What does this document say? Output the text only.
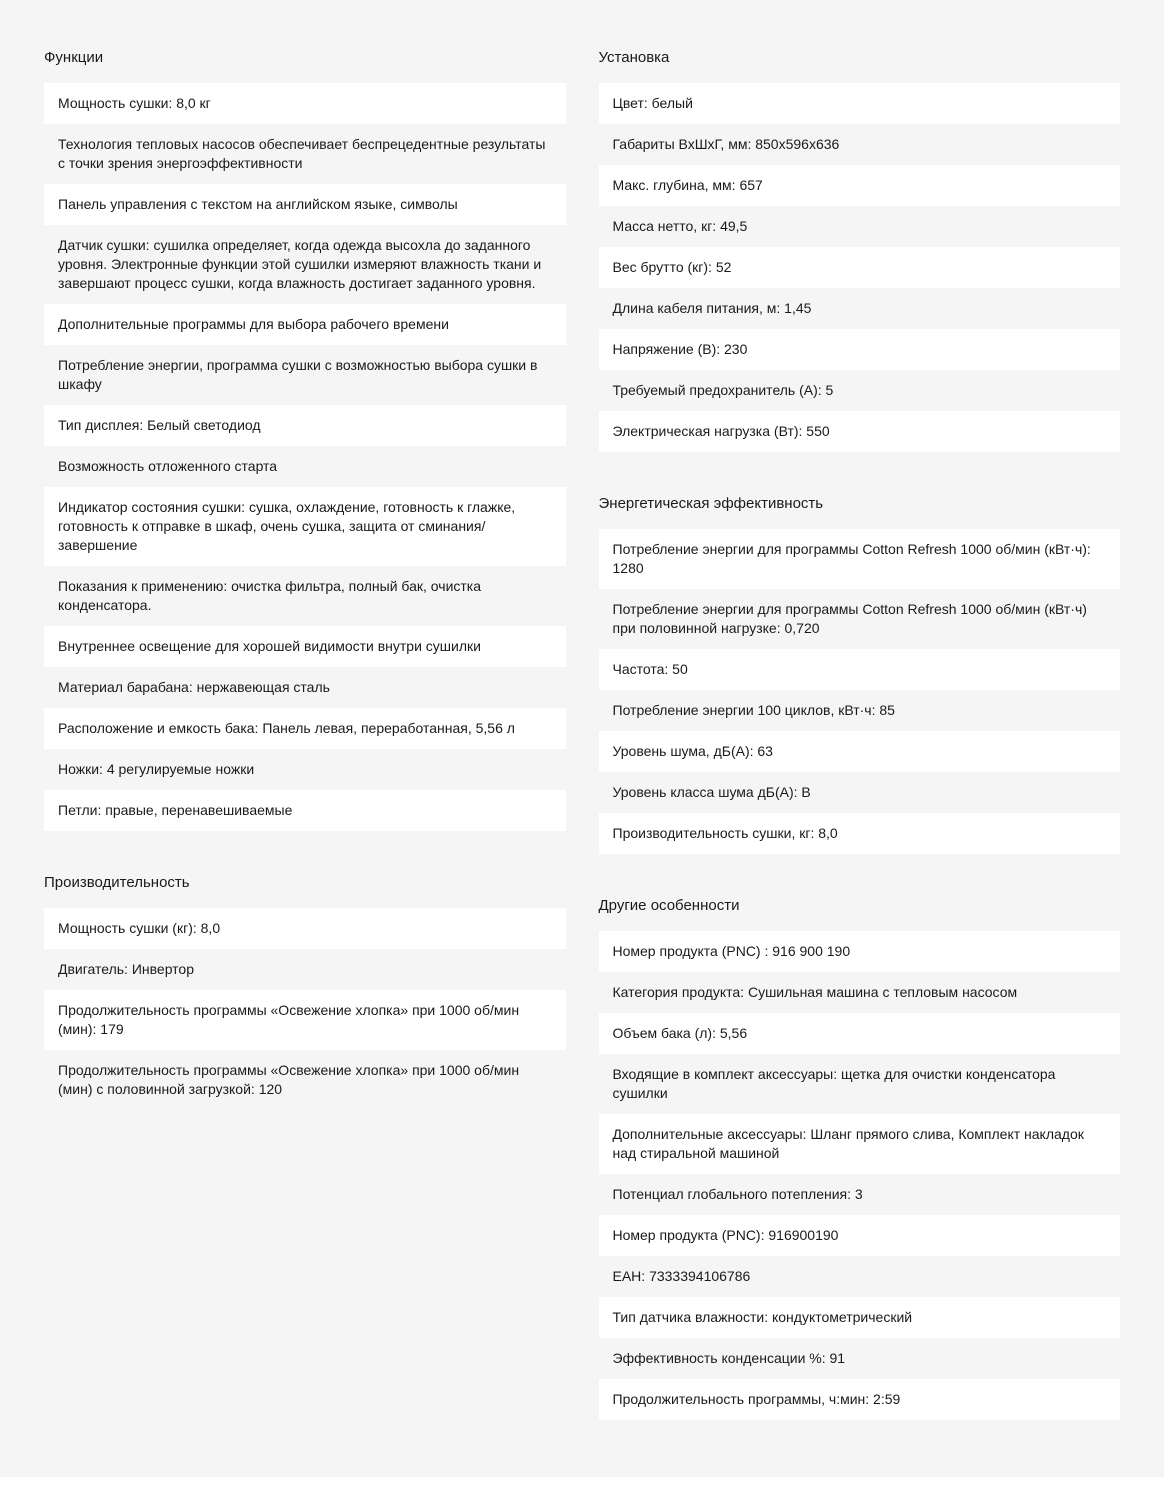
Функции
Мощность сушки: 8,0 кг
Технология тепловых насосов обеспечивает беспрецедентные результаты с точки зрения энергоэффективности
Панель управления с текстом на английском языке, символы
Датчик сушки: сушилка определяет, когда одежда высохла до заданного уровня. Электронные функции этой сушилки измеряют влажность ткани и завершают процесс сушки, когда влажность достигает заданного уровня.
Дополнительные программы для выбора рабочего времени
Потребление энергии, программа сушки с возможностью выбора сушки в шкафу
Тип дисплея: Белый светодиод
Возможность отложенного старта
Индикатор состояния сушки: сушка, охлаждение, готовность к глажке, готовность к отправке в шкаф, очень сушка, защита от сминания/завершение
Показания к применению: очистка фильтра, полный бак, очистка конденсатора.
Внутреннее освещение для хорошей видимости внутри сушилки
Материал барабана: нержавеющая сталь
Расположение и емкость бака: Панель левая, переработанная, 5,56 л
Ножки: 4 регулируемые ножки
Петли: правые, перенавешиваемые
Производительность
Мощность сушки (кг): 8,0
Двигатель: Инвертор
Продолжительность программы «Освежение хлопка» при 1000 об/мин (мин): 179
Продолжительность программы «Освежение хлопка» при 1000 об/мин (мин) с половинной загрузкой: 120
Установка
Цвет: белый
Габариты ВхШхГ, мм: 850x596x636
Макс. глубина, мм: 657
Масса нетто, кг: 49,5
Вес брутто (кг): 52
Длина кабеля питания, м: 1,45
Напряжение (В): 230
Требуемый предохранитель (А): 5
Электрическая нагрузка (Вт): 550
Энергетическая эффективность
Потребление энергии для программы Cotton Refresh 1000 об/мин (кВт·ч): 1280
Потребление энергии для программы Cotton Refresh 1000 об/мин (кВт·ч) при половинной нагрузке: 0,720
Частота: 50
Потребление энергии 100 циклов, кВт·ч: 85
Уровень шума, дБ(А): 63
Уровень класса шума дБ(А): B
Производительность сушки, кг: 8,0
Другие особенности
Номер продукта (PNC) : 916 900 190
Категория продукта: Сушильная машина с тепловым насосом
Объем бака (л): 5,56
Входящие в комплект аксессуары: щетка для очистки конденсатора сушилки
Дополнительные аксессуары: Шланг прямого слива, Комплект накладок над стиральной машиной
Потенциал глобального потепления: 3
Номер продукта (PNC): 916900190
ЕАН: 7333394106786
Тип датчика влажности: кондуктометрический
Эффективность конденсации %: 91
Продолжительность программы, ч:мин: 2:59
